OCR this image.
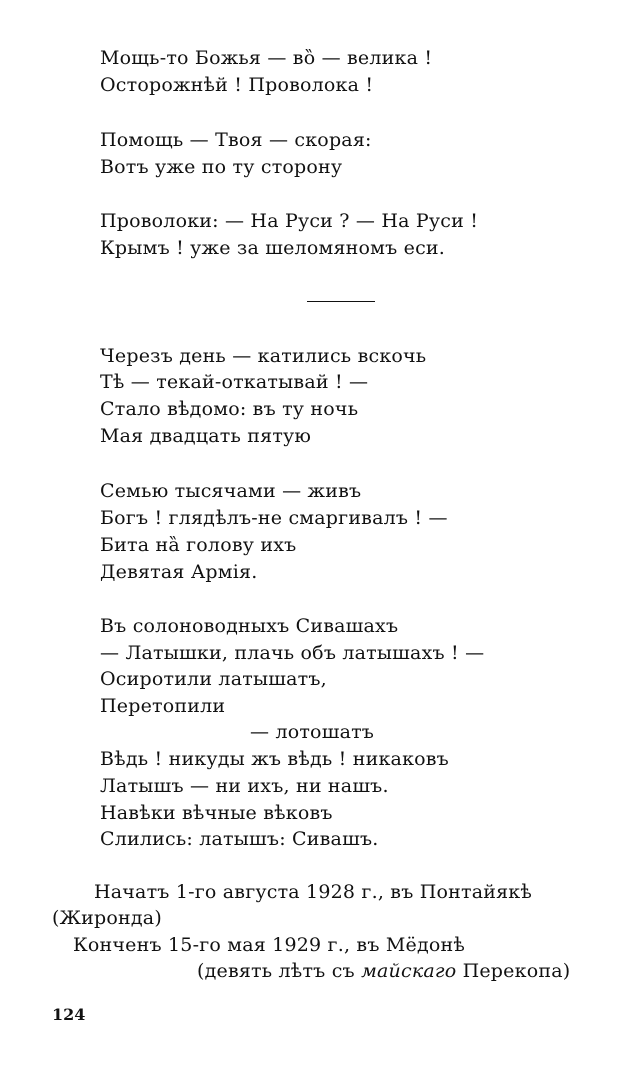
Мощь-то Божья — вȍ — велика !
Осторожнѣй ! Проволока !
Помощь — Твоя — скорая:
Вотъ уже по ту сторону
Проволоки: — На Руси ? — На Руси !
Крымъ ! уже за шеломяномъ еси.
Черезъ день — катились вскочь
Тѣ — текай-откатывай ! —
Стало вѣдомо: въ ту ночь
Мая двадцать пятую
Семью тысячами — живъ
Богъ ! глядѣлъ-не смаргивалъ ! —
Бита нȁ голову ихъ
Девятая Армія.
Въ солоноводныхъ Сивашахъ
— Латышки, плачь объ латышахъ ! —
Осиротили латышатъ,
Перетопили
— лотошатъ
Вѣдь ! никуды жъ вѣдь ! никаковъ
Латышъ — ни ихъ, ни нашъ.
Навѣки вѣчные вѣковъ
Слились: латышъ: Сивашъ.
Начатъ 1-го августа 1928 г., въ Понтайякѣ
(Жиронда)
Конченъ 15-го мая 1929 г., въ Мёдонѣ
(девять лѣтъ съ майскаго Перекопа)
124
